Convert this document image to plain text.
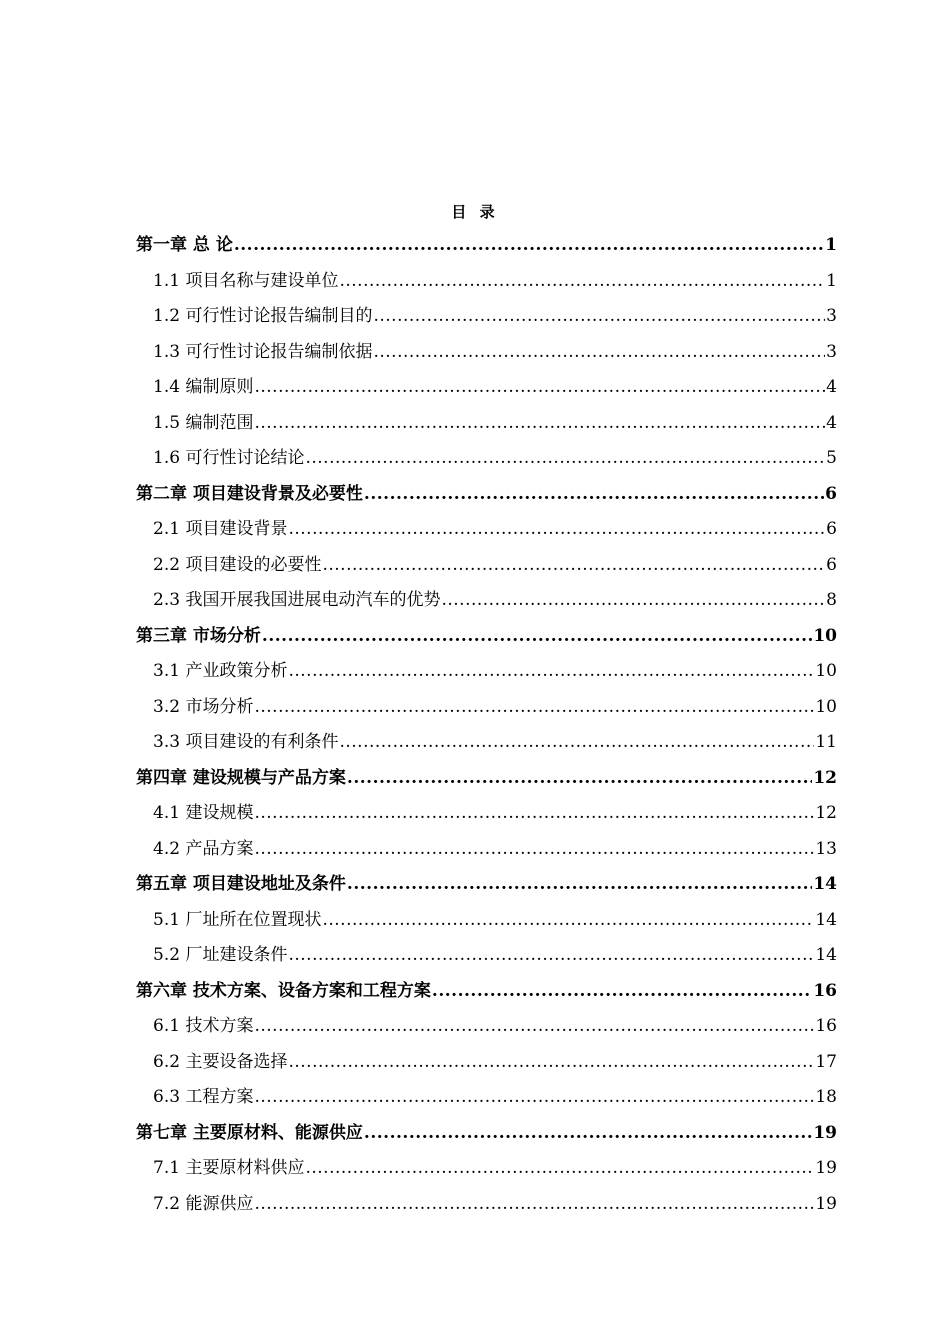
目 录
第一章 总 论 .....	1
1.1 项目名称与建设单位 .....	1
1.2 可行性讨论报告编制目的 .....	3
1.3 可行性讨论报告编制依据 .....	3
1.4 编制原则 .....	4
1.5 编制范围 .....	4
1.6 可行性讨论结论 .....	5
第二章 项目建设背景及必要性 .....	6
2.1 项目建设背景 .....	6
2.2 项目建设的必要性 .....	6
2.3 我国开展我国进展电动汽车的优势 .....	8
第三章 市场分析 .....	10
3.1 产业政策分析 .....	10
3.2 市场分析 .....	10
3.3 项目建设的有利条件 .....	11
第四章 建设规模与产品方案 .....	12
4.1 建设规模 .....	12
4.2 产品方案 .....	13
第五章 项目建设地址及条件 .....	14
5.1 厂址所在位置现状 .....	14
5.2 厂址建设条件 .....	14
第六章 技术方案、设备方案和工程方案 .....	16
6.1 技术方案 .....	16
6.2 主要设备选择 .....	17
6.3 工程方案 .....	18
第七章 主要原材料、能源供应 .....	19
7.1 主要原材料供应 .....	19
7.2 能源供应 .....	19
